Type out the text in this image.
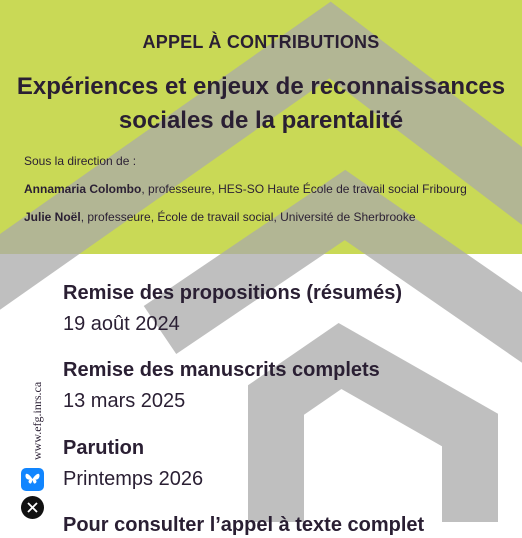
APPEL À CONTRIBUTIONS
Expériences et enjeux de reconnaissances
sociales de la parentalité
Sous la direction de :
Annamaria Colombo, professeure, HES-SO Haute École de travail social Fribourg
Julie Noël, professeure, École de travail social, Université de Sherbrooke
Remise des propositions (résumés)
19 août 2024
Remise des manuscrits complets
13 mars 2025
Parution
Printemps 2026
Pour consulter l’appel à texte complet
www.efg.inrs.ca
